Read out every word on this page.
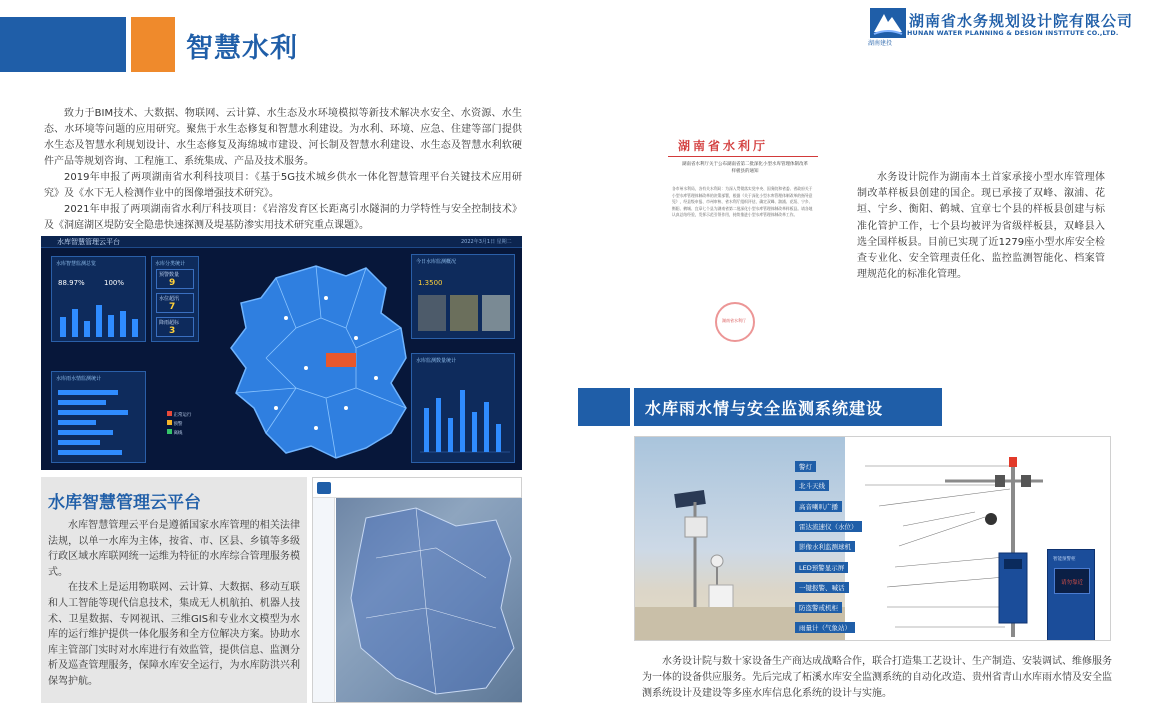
智慧水利	湖南建投
湖南省水务规划设计院有限公司
HUNAN WATER PLANNING & DESIGN INSTITUTE CO.,LTD.
致力于BIM技术、大数据、物联网、云计算、水生态及水环境模拟等新技术解决水安全、水资源、水生态、水环境等问题的应用研究。聚焦于水生态修复和智慧水利建设。为水利、环境、应急、住建等部门提供水生态及智慧水利规划设计、水生态修复及海绵城市建设、河长制及智慧水利建设、水生态及智慧水利软硬件产品等规划咨询、工程施工、系统集成、产品及技术服务。
2019年申报了两项湖南省水利科技项目：《基于5G技术城乡供水一体化智慧管理平台关键技术应用研究》及《水下无人检测作业中的图像增强技术研究》。
2021年申报了两项湖南省水利厅科技项目：《岩溶发育区长距离引水隧洞的力学特性与安全控制技术》及《洞庭湖区堤防安全隐患快速探测及堤基防渗实用技术研究重点课题》。
水库智慧管理云平台	2022年3月1日 星期二
水库智慧监测总览
88.97%	100%
水库分类统计
预警数量
9
水位超汛
7
降雨超标
3
水库雨水情监测统计
正常运行
预警
离线
今日水库监测概况
1.3500
水库监测数量统计
水库智慧管理云平台

水库智慧管理云平台是遵循国家水库管理的相关法律法规，以单一水库为主体，按省、市、区县、乡镇等多级行政区域水库联网统一运维为特征的水库综合管理服务模式。

在技术上是运用物联网、云计算、大数据、移动互联和人工智能等现代信息技术，集成无人机航拍、机器人技术、卫星数据、专网视讯、三维GIS和专业水文模型为水库的运行维护提供一体化服务和全方位解决方案。协助水库主管部门实时对水库进行有效监管，提供信息、监测分析及巡查管理服务，保障水库安全运行，为水库防洪兴利保驾护航。

湖南省水利厅
湖南省水利厅关于公布湖南省第二批深化小型水库管理体制改革样板县的通知
各市州水利局，各有关水利局：为深入贯彻落实党中央、国务院和省委、省政府关于小型水库管理体制改革的决策部署，根据《关于深化小型水库管理体制改革的指导意见》，经县级申报、市州审核、省水利厅组织评估，确定双峰、溆浦、花垣、宁乡、衡阳、鹤城、宜章七个县为湖南省第二批深化小型水库管理体制改革样板县。请各地认真总结经验，发挥示范引领作用，持续推进小型水库管理体制改革工作。
湖南省水利厅
水务设计院作为湖南本土首家承接小型水库管理体制改革样板县创建的国企。现已承接了双峰、溆浦、花垣、宁乡、衡阳、鹤城、宜章七个县的样板县创建与标准化管护工作，七个县均被评为省级样板县，双峰县入选全国样板县。目前已实现了近1279座小型水库安全检查专业化、安全管理责任化、监控监测智能化、档案管理规范化的标准化管理。
水库雨水情与安全监测系统建设
警灯
北斗天线
高音喇叭广播
雷达流速仪（水位）
影像水利监测球机
LED预警显示屏
一键报警、喊话
防盗警戒机柜
雨量计（气象站）
请勿靠近
智能预警柜
水务设计院与数十家设备生产商达成战略合作，联合打造集工艺设计、生产制造、安装调试、维修服务为一体的设备供应服务。先后完成了柘溪水库安全监测系统的自动化改造、贵州省青山水库雨水情及安全监测系统设计及建设等多座水库信息化系统的设计与实施。
